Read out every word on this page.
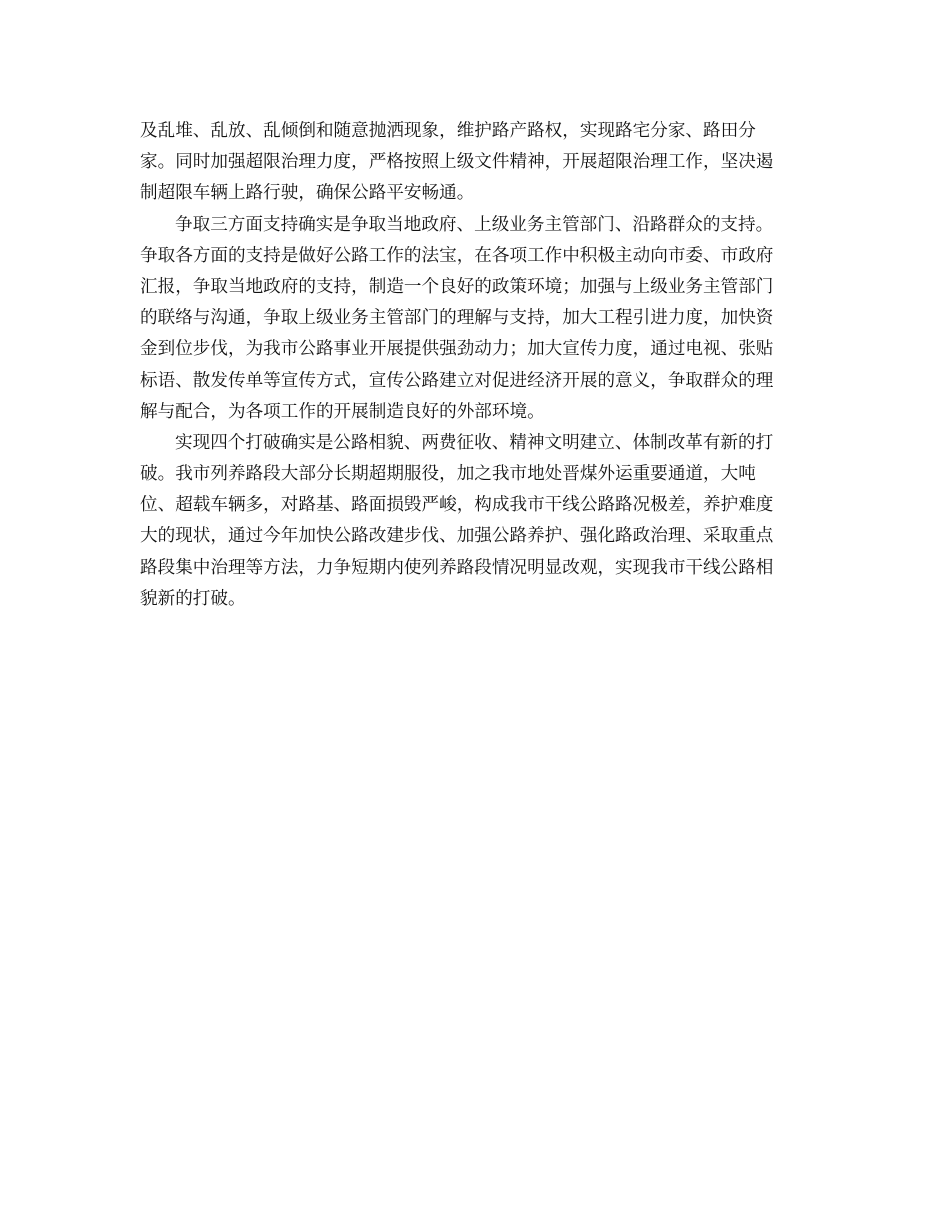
及乱堆、乱放、乱倾倒和随意抛洒现象，维护路产路权，实现路宅分家、路田分
家。同时加强超限治理力度，严格按照上级文件精神，开展超限治理工作，坚决遏
制超限车辆上路行驶，确保公路平安畅通。
争取三方面支持确实是争取当地政府、上级业务主管部门、沿路群众的支持。
争取各方面的支持是做好公路工作的法宝，在各项工作中积极主动向市委、市政府
汇报，争取当地政府的支持，制造一个良好的政策环境；加强与上级业务主管部门
的联络与沟通，争取上级业务主管部门的理解与支持，加大工程引进力度，加快资
金到位步伐，为我市公路事业开展提供强劲动力；加大宣传力度，通过电视、张贴
标语、散发传单等宣传方式，宣传公路建立对促进经济开展的意义，争取群众的理
解与配合，为各项工作的开展制造良好的外部环境。
实现四个打破确实是公路相貌、两费征收、精神文明建立、体制改革有新的打
破。我市列养路段大部分长期超期服役，加之我市地处晋煤外运重要通道，大吨
位、超载车辆多，对路基、路面损毁严峻，构成我市干线公路路况极差，养护难度
大的现状，通过今年加快公路改建步伐、加强公路养护、强化路政治理、采取重点
路段集中治理等方法，力争短期内使列养路段情况明显改观，实现我市干线公路相
貌新的打破。
